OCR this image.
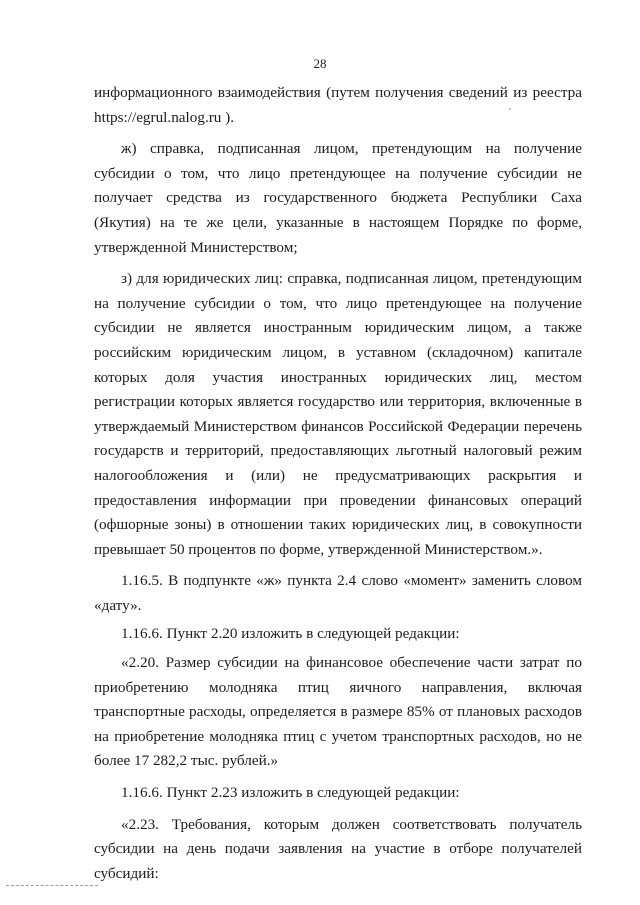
28

информационного взаимодействия (путем получения сведений из реестра https://egrul.nalog.ru ).

ж) справка, подписанная лицом, претендующим на получение субсидии о том, что лицо претендующее на получение субсидии не получает средства из государственного бюджета Республики Саха (Якутия) на те же цели, указанные в настоящем Порядке по форме, утвержденной Министерством;

з) для юридических лиц: справка, подписанная лицом, претендующим на получение субсидии о том, что лицо претендующее на получение субсидии не является иностранным юридическим лицом, а также российским юридическим лицом, в уставном (складочном) капитале которых доля участия иностранных юридических лиц, местом регистрации которых является государство или территория, включенные в утверждаемый Министерством финансов Российской Федерации перечень государств и территорий, предоставляющих льготный налоговый режим налогообложения и (или) не предусматривающих раскрытия и предоставления информации при проведении финансовых операций (офшорные зоны) в отношении таких юридических лиц, в совокупности превышает 50 процентов по форме, утвержденной Министерством.».

1.16.5. В подпункте «ж» пункта 2.4 слово «момент» заменить словом «дату».

1.16.6. Пункт 2.20 изложить в следующей редакции:

«2.20. Размер субсидии на финансовое обеспечение части затрат по приобретению молодняка птиц яичного направления, включая транспортные расходы, определяется в размере 85% от плановых расходов на приобретение молодняка птиц с учетом транспортных расходов, но не более 17 282,2 тыс. рублей.»

1.16.6. Пункт 2.23 изложить в следующей редакции:

«2.23. Требования, которым должен соответствовать получатель субсидии на день подачи заявления на участие в отборе получателей субсидий:
